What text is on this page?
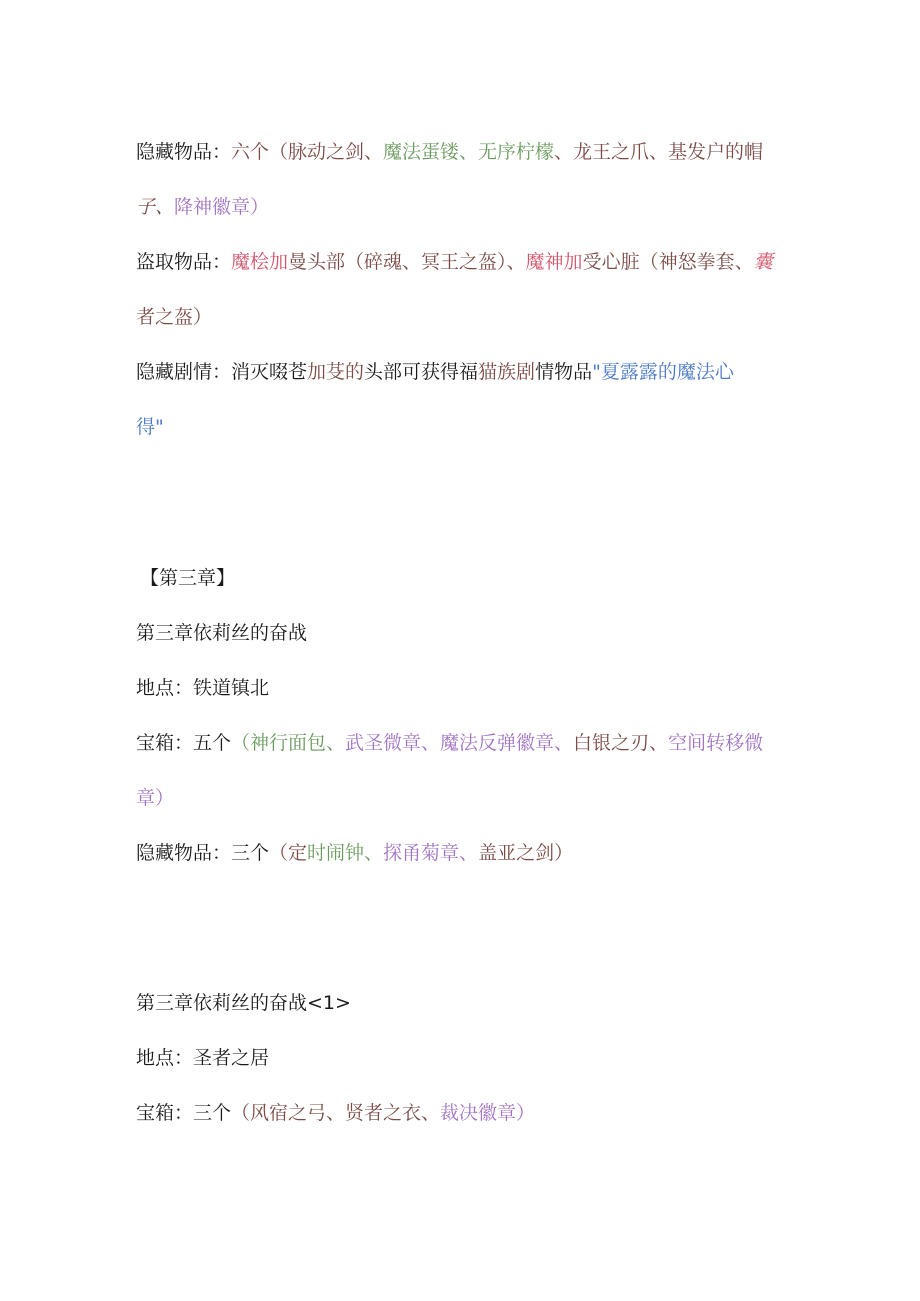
隐藏物品：六个（脉动之剑、魔法蛋镂、无序柠檬、龙王之爪、基发户的帽
子、降神徽章）
盗取物品：魔桧加曼头部（碎魂、冥王之盔）、魔神加受心脏（神怒拳套、囊
者之盔）
隐藏剧情：消灭啜苍加芟的头部可获得福猫族剧情物品"夏露露的魔法心
得"
【第三章】
第三章依莉丝的奋战
地点：铁道镇北
宝箱：五个（神行面包、武圣微章、魔法反弹徽章、白银之刃、空间转移微
章）
隐藏物品：三个（定时闹钟、探甬菊章、盖亚之剑）
第三章依莉丝的奋战<1>
地点：圣者之居
宝箱：三个（风宿之弓、贤者之衣、裁决徽章）
